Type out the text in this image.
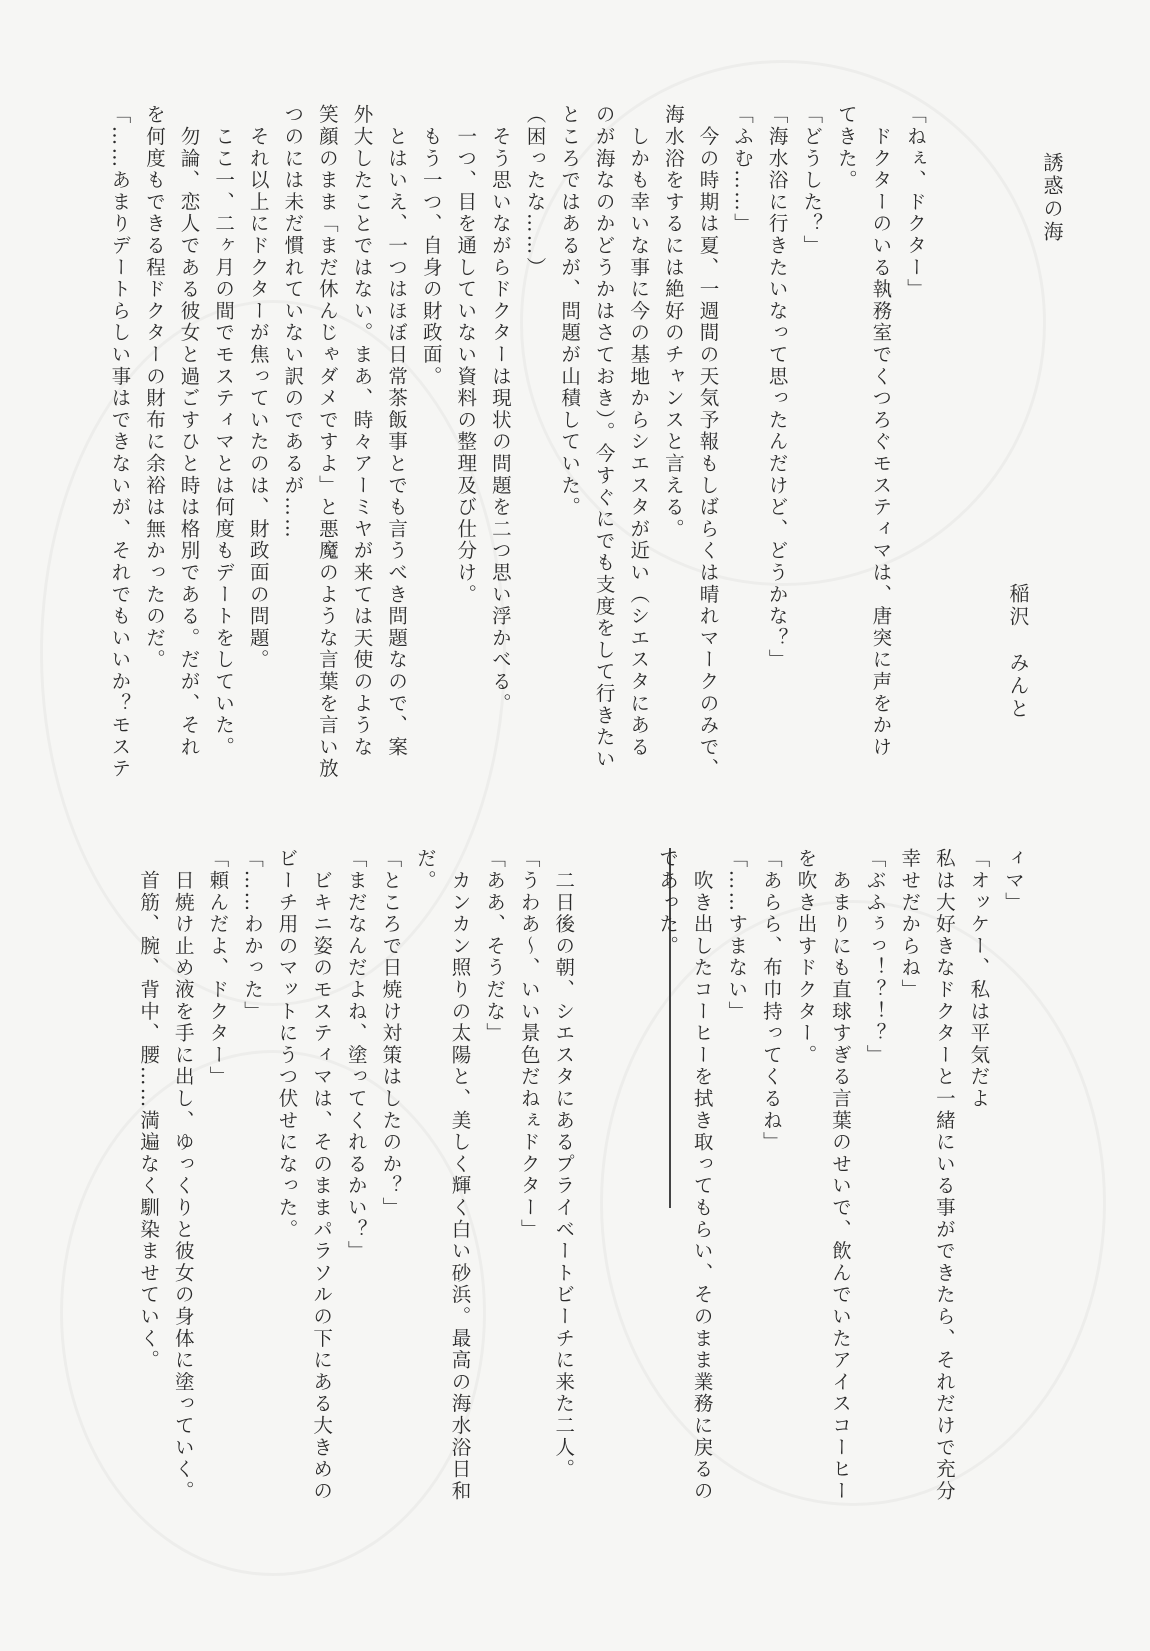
誘惑の海
稲沢　みんと
「ねぇ、ドクター」
　ドクターのいる執務室でくつろぐモスティマは、唐突に声をかけ
てきた。
「どうした？」
「海水浴に行きたいなって思ったんだけど、どうかな？」
「ふむ……」
　今の時期は夏、一週間の天気予報もしばらくは晴れマークのみで、
海水浴をするには絶好のチャンスと言える。
　しかも幸いな事に今の基地からシエスタが近い（シエスタにある
のが海なのかどうかはさておき）。今すぐにでも支度をして行きたい
ところではあるが、問題が山積していた。
（困ったな……）
　そう思いながらドクターは現状の問題を二つ思い浮かべる。
　一つ、目を通していない資料の整理及び仕分け。
　もう一つ、自身の財政面。
　とはいえ、一つはほぼ日常茶飯事とでも言うべき問題なので、案
外大したことではない。まあ、時々アーミヤが来ては天使のような
笑顔のまま「まだ休んじゃダメですよ」と悪魔のような言葉を言い放
つのには未だ慣れていない訳のであるが……
　それ以上にドクターが焦っていたのは、財政面の問題。
　ここ一、二ヶ月の間でモスティマとは何度もデートをしていた。
　勿論、恋人である彼女と過ごすひと時は格別である。だが、それ
を何度もできる程ドクターの財布に余裕は無かったのだ。
「……あまりデートらしい事はできないが、それでもいいか？モステ
ィマ」
「オッケー、私は平気だよ
私は大好きなドクターと一緒にいる事ができたら、それだけで充分
幸せだからね」
「ぶふぅっ！？！？」
　あまりにも直球すぎる言葉のせいで、飲んでいたアイスコーヒー
を吹き出すドクター。
「あらら、布巾持ってくるね」
「……すまない」
　吹き出したコーヒーを拭き取ってもらい、そのまま業務に戻るの
であった。

　二日後の朝、シエスタにあるプライベートビーチに来た二人。
「うわあ～、いい景色だねぇドクター」
「ああ、そうだな」
　カンカン照りの太陽と、美しく輝く白い砂浜。最高の海水浴日和
だ。
「ところで日焼け対策はしたのか？」
「まだなんだよね、塗ってくれるかい？」
　ビキニ姿のモスティマは、そのままパラソルの下にある大きめの
ビーチ用のマットにうつ伏せになった。
「……わかった」
「頼んだよ、ドクター」
　日焼け止め液を手に出し、ゆっくりと彼女の身体に塗っていく。
　首筋、腕、背中、腰……満遍なく馴染ませていく。
